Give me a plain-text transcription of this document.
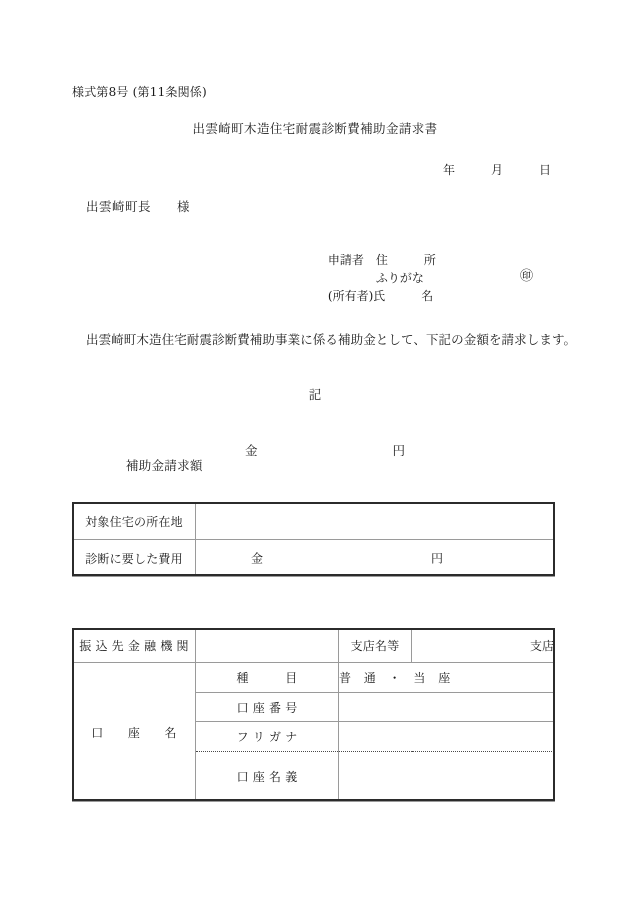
様式第8号 (第11条関係)
出雲崎町木造住宅耐震診断費補助金請求書
年　　　月　　　日
出雲崎町長　　様

申請者　 住　　　所

　　　　ふりがな

(所有者)氏　　　名

㊞
出雲崎町木造住宅耐震診断費補助事業に係る補助金として、下記の金額を請求します。
記

補助金請求額

金

	円

対象住宅の所在地	
診断に要した費用	金 円
振 込 先 金 融 機 関		支店名等	支店
口　　座　　名	種　　　目	普　通　・　当　座	
	口 座 番 号		
	フ リ ガ ナ		
	口 座 名 義		
